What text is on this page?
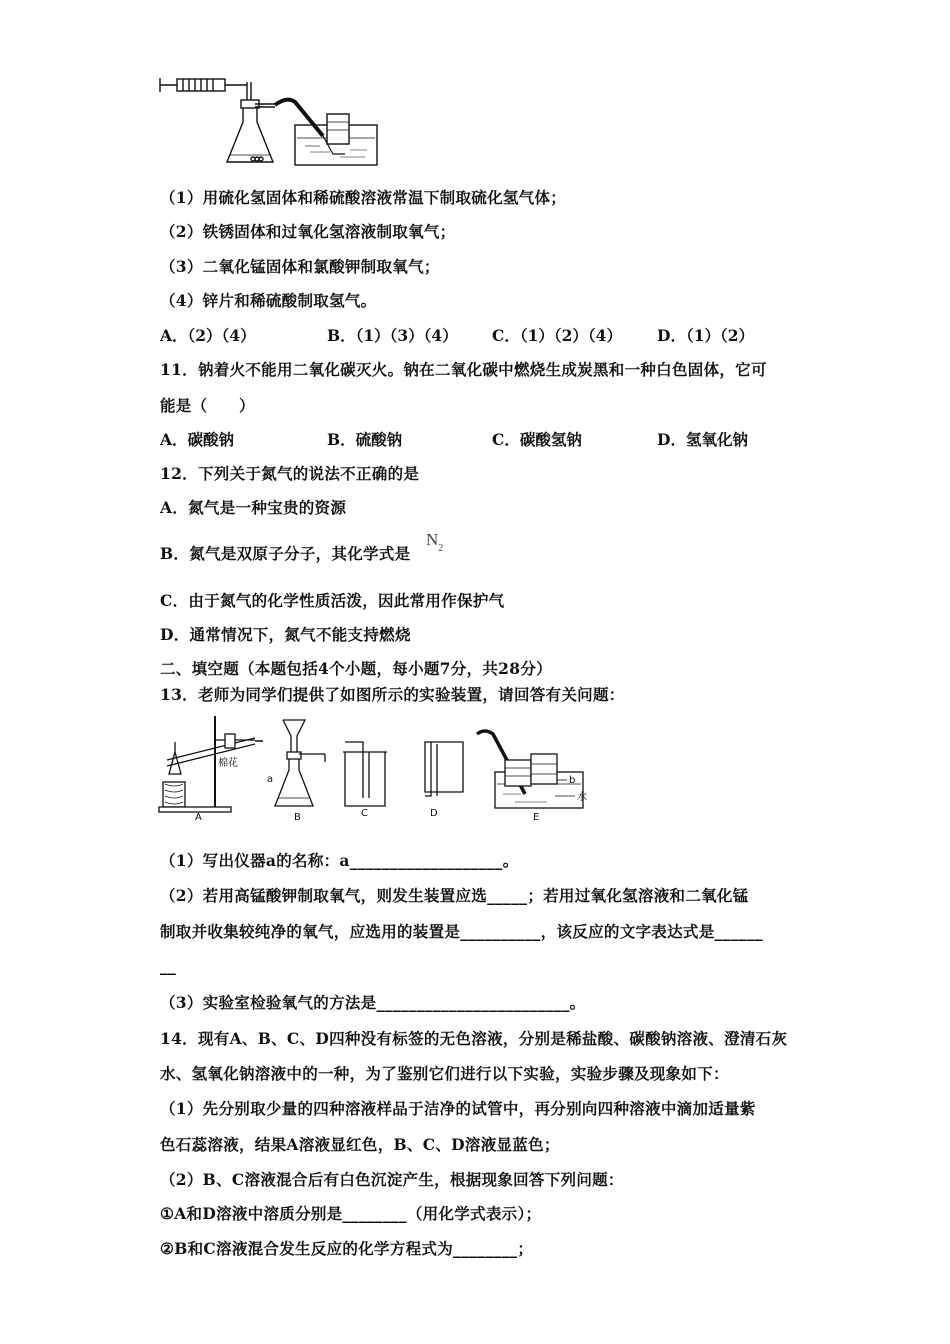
（1）用硫化氢固体和稀硫酸溶液常温下制取硫化氢气体；
（2）铁锈固体和过氧化氢溶液制取氧气；
（3）二氧化锰固体和氯酸钾制取氧气；
（4）锌片和稀硫酸制取氢气。
A．（2）（4）	B．（1）（3）（4） C．（1）（2）（4） D．（1）（2）
11．钠着火不能用二氧化碳灭火。钠在二氧化碳中燃烧生成炭黑和一种白色固体，它可
能是（　　）
A．碳酸钠	B．硫酸钠	C．碳酸氢钠	D．氢氧化钠
12．下列关于氮气的说法不正确的是
A．氮气是一种宝贵的资源
B．氮气是双原子分子，其化学式是
$N_2$
C．由于氮气的化学性质活泼，因此常用作保护气
D．通常情况下，氮气不能支持燃烧
二、填空题（本题包括4个小题，每小题7分，共28分）
13．老师为同学们提供了如图所示的实验装置，请回答有关问题：
棉花
a	b
水
A	B	C	D	E
（1）写出仪器a的名称：a___________________。
（2）若用高锰酸钾制取氧气，则发生装置应选_____；若用过氧化氢溶液和二氧化锰
制取并收集较纯净的氧气，应选用的装置是__________，该反应的文字表达式是______
__
（3）实验室检验氧气的方法是________________________。
14．现有A、B、C、D四种没有标签的无色溶液，分别是稀盐酸、碳酸钠溶液、澄清石灰
水、氢氧化钠溶液中的一种，为了鉴别它们进行以下实验，实验步骤及现象如下：
（1）先分别取少量的四种溶液样品于洁净的试管中，再分别向四种溶液中滴加适量紫
色石蕊溶液，结果A溶液显红色，B、C、D溶液显蓝色；
（2）B、C溶液混合后有白色沉淀产生，根据现象回答下列问题：
①A和D溶液中溶质分别是________（用化学式表示）；
②B和C溶液混合发生反应的化学方程式为________；
